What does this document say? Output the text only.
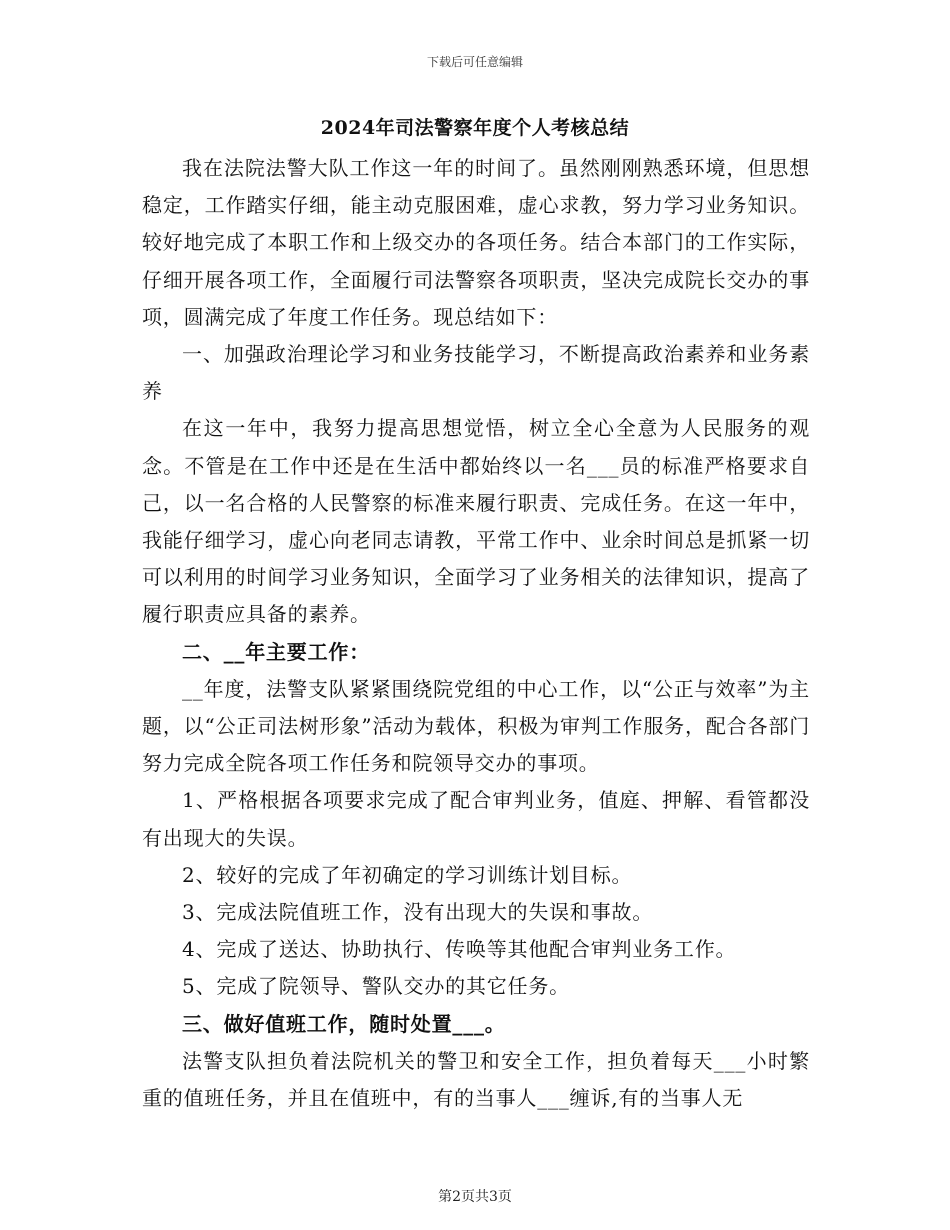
下载后可任意编辑
2024年司法警察年度个人考核总结

我在法院法警大队工作这一年的时间了。虽然刚刚熟悉环境，但思想稳定，工作踏实仔细，能主动克服困难，虚心求教，努力学习业务知识。较好地完成了本职工作和上级交办的各项任务。结合本部门的工作实际，仔细开展各项工作，全面履行司法警察各项职责，坚决完成院长交办的事项，圆满完成了年度工作任务。现总结如下：

一、加强政治理论学习和业务技能学习，不断提高政治素养和业务素养

在这一年中，我努力提高思想觉悟，树立全心全意为人民服务的观念。不管是在工作中还是在生活中都始终以一名___员的标准严格要求自己，以一名合格的人民警察的标准来履行职责、完成任务。在这一年中，我能仔细学习，虚心向老同志请教，平常工作中、业余时间总是抓紧一切可以利用的时间学习业务知识，全面学习了业务相关的法律知识，提高了履行职责应具备的素养。

二、__年主要工作：

__年度，法警支队紧紧围绕院党组的中心工作，以“公正与效率”为主题，以“公正司法树形象”活动为载体，积极为审判工作服务，配合各部门努力完成全院各项工作任务和院领导交办的事项。

1、严格根据各项要求完成了配合审判业务，值庭、押解、看管都没有出现大的失误。

2、较好的完成了年初确定的学习训练计划目标。

3、完成法院值班工作，没有出现大的失误和事故。

4、完成了送达、协助执行、传唤等其他配合审判业务工作。

5、完成了院领导、警队交办的其它任务。

三、做好值班工作，随时处置___。

法警支队担负着法院机关的警卫和安全工作，担负着每天___小时繁重的值班任务，并且在值班中，有的当事人___缠诉,有的当事人无

第2页共3页
